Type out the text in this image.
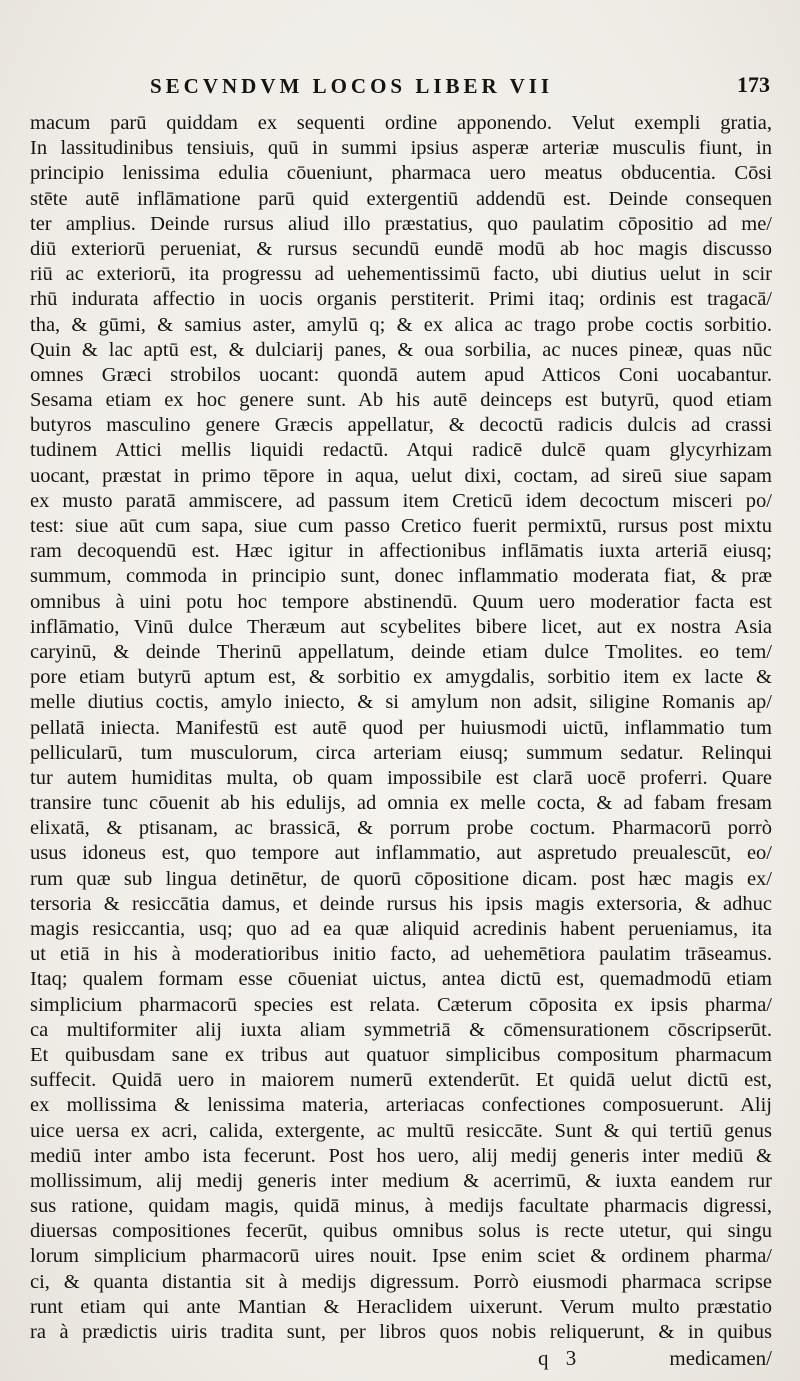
SECVNDVM LOCOS LIBER VII	173
macum parū quiddam ex sequenti ordine apponendo. Velut exempli gratia,
In lassitudinibus tensiuis, quū in summi ipsius asperæ arteriæ musculis fiunt, in
principio lenissima edulia cōueniunt, pharmaca uero meatus obducentia. Cōsi
stēte autē inflāmatione parū quid extergentiū addendū est. Deinde consequen
ter amplius. Deinde rursus aliud illo præstatius, quo paulatim cōpositio ad me/
diū exteriorū perueniat, & rursus secundū eundē modū ab hoc magis discusso
riū ac exteriorū, ita progressu ad uehementissimū facto, ubi diutius uelut in scir
rhū indurata affectio in uocis organis perstiterit. Primi itaq; ordinis est tragacā/
tha, & gūmi, & samius aster, amylū q; & ex alica ac trago probe coctis sorbitio.
Quin & lac aptū est, & dulciarij panes, & oua sorbilia, ac nuces pineæ, quas nūc
omnes Græci strobilos uocant: quondā autem apud Atticos Coni uocabantur.
Sesama etiam ex hoc genere sunt. Ab his autē deinceps est butyrū, quod etiam
butyros masculino genere Græcis appellatur, & decoctū radicis dulcis ad crassi
tudinem Attici mellis liquidi redactū. Atqui radicē dulcē quam glycyrhizam
uocant, præstat in primo tēpore in aqua, uelut dixi, coctam, ad sireū siue sapam
ex musto paratā ammiscere, ad passum item Creticū idem decoctum misceri po/
test: siue aūt cum sapa, siue cum passo Cretico fuerit permixtū, rursus post mixtu
ram decoquendū est. Hæc igitur in affectionibus inflāmatis iuxta arteriā eiusq;
summum, commoda in principio sunt, donec inflammatio moderata fiat, & præ
omnibus à uini potu hoc tempore abstinendū. Quum uero moderatior facta est
inflāmatio, Vinū dulce Theræum aut scybelites bibere licet, aut ex nostra Asia
caryinū, & deinde Therinū appellatum, deinde etiam dulce Tmolites. eo tem/
pore etiam butyrū aptum est, & sorbitio ex amygdalis, sorbitio item ex lacte &
melle diutius coctis, amylo iniecto, & si amylum non adsit, siligine Romanis ap/
pellatā iniecta. Manifestū est autē quod per huiusmodi uictū, inflammatio tum
pellicularū, tum musculorum, circa arteriam eiusq; summum sedatur. Relinqui
tur autem humiditas multa, ob quam impossibile est clarā uocē proferri. Quare
transire tunc cōuenit ab his edulijs, ad omnia ex melle cocta, & ad fabam fresam
elixatā, & ptisanam, ac brassicā, & porrum probe coctum. Pharmacorū porrò
usus idoneus est, quo tempore aut inflammatio, aut aspretudo preualescūt, eo/
rum quæ sub lingua detinētur, de quorū cōpositione dicam. post hæc magis ex/
tersoria & resiccātia damus, et deinde rursus his ipsis magis extersoria, & adhuc
magis resiccantia, usq; quo ad ea quæ aliquid acredinis habent perueniamus, ita
ut etiā in his à moderatioribus initio facto, ad uehemētiora paulatim trāseamus.
Itaq; qualem formam esse cōueniat uictus, antea dictū est, quemadmodū etiam
simplicium pharmacorū species est relata. Cæterum cōposita ex ipsis pharma/
ca multiformiter alij iuxta aliam symmetriā & cōmensurationem cōscripserūt.
Et quibusdam sane ex tribus aut quatuor simplicibus compositum pharmacum
suffecit. Quidā uero in maiorem numerū extenderūt. Et quidā uelut dictū est,
ex mollissima & lenissima materia, arteriacas confectiones composuerunt. Alij
uice uersa ex acri, calida, extergente, ac multū resiccāte. Sunt & qui tertiū genus
mediū inter ambo ista fecerunt. Post hos uero, alij medij generis inter mediū &
mollissimum, alij medij generis inter medium & acerrimū, & iuxta eandem rur
sus ratione, quidam magis, quidā minus, à medijs facultate pharmacis digressi,
diuersas compositiones fecerūt, quibus omnibus solus is recte utetur, qui singu
lorum simplicium pharmacorū uires nouit. Ipse enim sciet & ordinem pharma/
ci, & quanta distantia sit à medijs digressum. Porrò eiusmodi pharmaca scripse
runt etiam qui ante Mantian & Heraclidem uixerunt. Verum multo præstatio
ra à prædictis uiris tradita sunt, per libros quos nobis reliquerunt, & in quibus
q 3	medicamen/
